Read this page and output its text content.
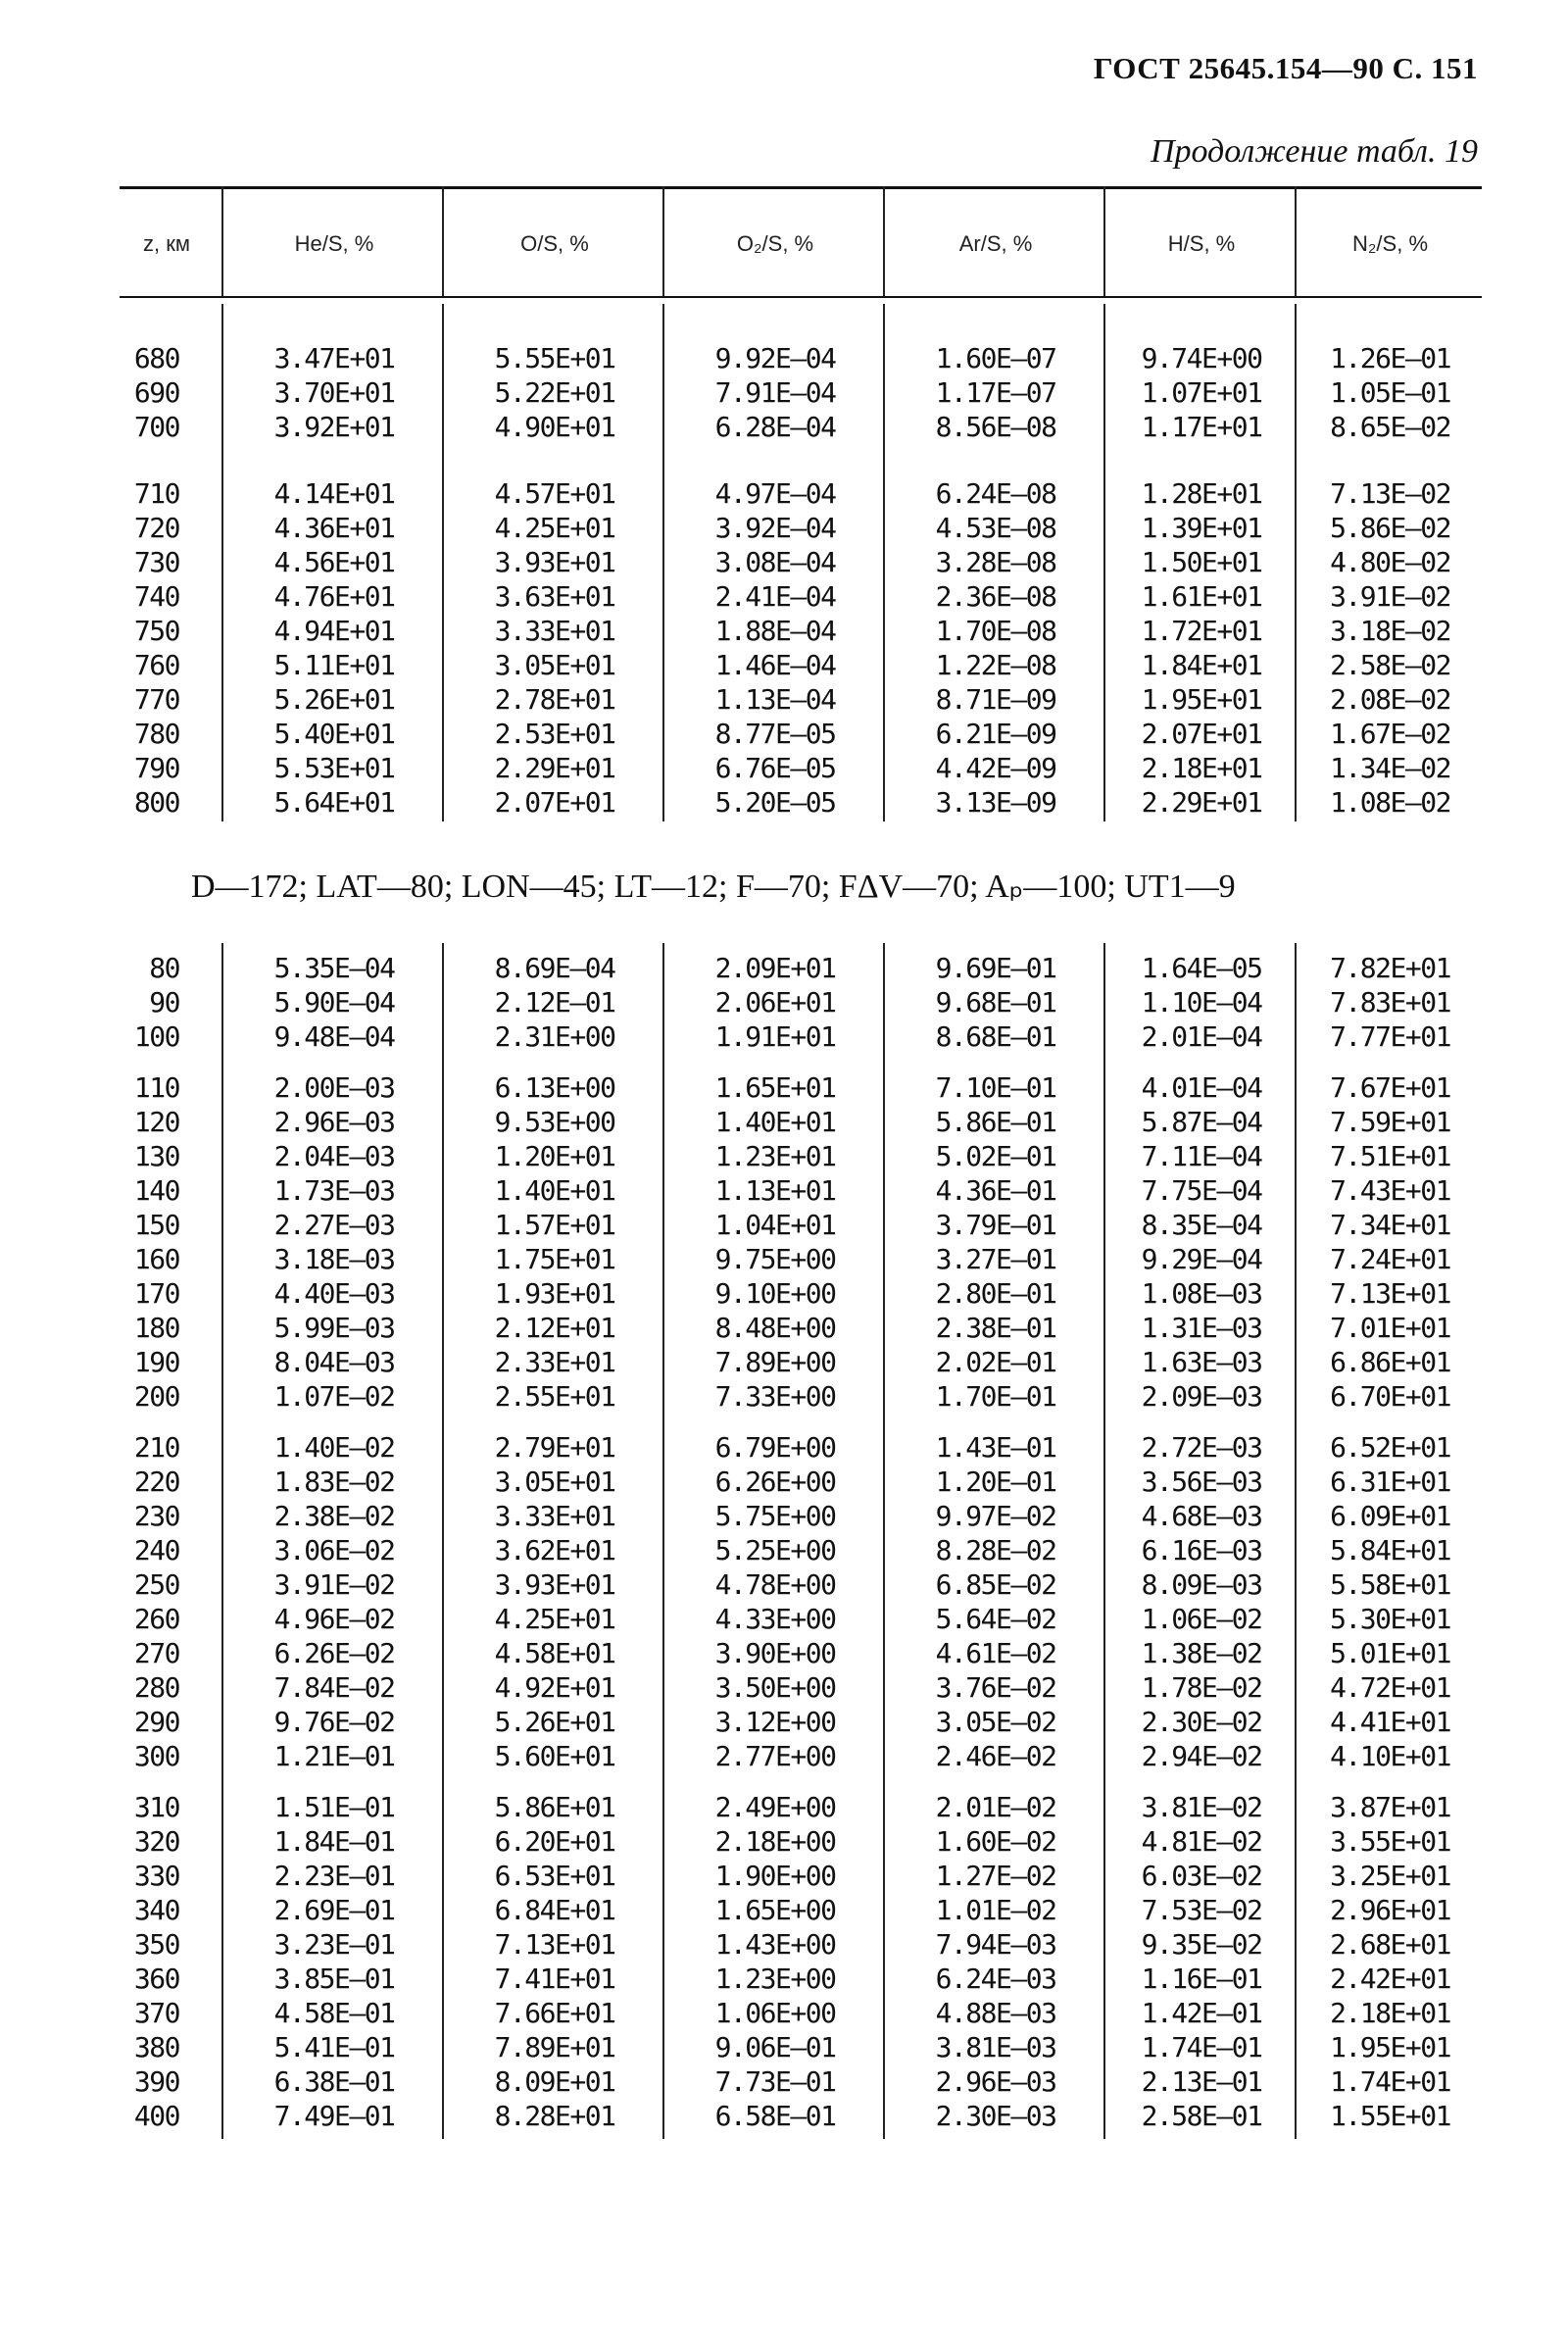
ГОСТ 25645.154—90 С. 151
Продолжение табл. 19
z, км	He/S, %	O/S, %	O₂/S, %	Ar/S, %	H/S, %	N₂/S, %
680	3.47E+01	5.55E+01	9.92E—04	1.60E—07	9.74E+00	1.26E—01
690	3.70E+01	5.22E+01	7.91E—04	1.17E—07	1.07E+01	1.05E—01
700	3.92E+01	4.90E+01	6.28E—04	8.56E—08	1.17E+01	8.65E—02
710	4.14E+01	4.57E+01	4.97E—04	6.24E—08	1.28E+01	7.13E—02
720	4.36E+01	4.25E+01	3.92E—04	4.53E—08	1.39E+01	5.86E—02
730	4.56E+01	3.93E+01	3.08E—04	3.28E—08	1.50E+01	4.80E—02
740	4.76E+01	3.63E+01	2.41E—04	2.36E—08	1.61E+01	3.91E—02
750	4.94E+01	3.33E+01	1.88E—04	1.70E—08	1.72E+01	3.18E—02
760	5.11E+01	3.05E+01	1.46E—04	1.22E—08	1.84E+01	2.58E—02
770	5.26E+01	2.78E+01	1.13E—04	8.71E—09	1.95E+01	2.08E—02
780	5.40E+01	2.53E+01	8.77E—05	6.21E—09	2.07E+01	1.67E—02
790	5.53E+01	2.29E+01	6.76E—05	4.42E—09	2.18E+01	1.34E—02
800	5.64E+01	2.07E+01	5.20E—05	3.13E—09	2.29E+01	1.08E—02
D—172; LAT—80; LON—45; LT—12; F—70; FΔV—70; Aₚ—100; UT1—9
80	5.35E—04	8.69E—04	2.09E+01	9.69E—01	1.64E—05	7.82E+01
90	5.90E—04	2.12E—01	2.06E+01	9.68E—01	1.10E—04	7.83E+01
100	9.48E—04	2.31E+00	1.91E+01	8.68E—01	2.01E—04	7.77E+01
110	2.00E—03	6.13E+00	1.65E+01	7.10E—01	4.01E—04	7.67E+01
120	2.96E—03	9.53E+00	1.40E+01	5.86E—01	5.87E—04	7.59E+01
130	2.04E—03	1.20E+01	1.23E+01	5.02E—01	7.11E—04	7.51E+01
140	1.73E—03	1.40E+01	1.13E+01	4.36E—01	7.75E—04	7.43E+01
150	2.27E—03	1.57E+01	1.04E+01	3.79E—01	8.35E—04	7.34E+01
160	3.18E—03	1.75E+01	9.75E+00	3.27E—01	9.29E—04	7.24E+01
170	4.40E—03	1.93E+01	9.10E+00	2.80E—01	1.08E—03	7.13E+01
180	5.99E—03	2.12E+01	8.48E+00	2.38E—01	1.31E—03	7.01E+01
190	8.04E—03	2.33E+01	7.89E+00	2.02E—01	1.63E—03	6.86E+01
200	1.07E—02	2.55E+01	7.33E+00	1.70E—01	2.09E—03	6.70E+01
210	1.40E—02	2.79E+01	6.79E+00	1.43E—01	2.72E—03	6.52E+01
220	1.83E—02	3.05E+01	6.26E+00	1.20E—01	3.56E—03	6.31E+01
230	2.38E—02	3.33E+01	5.75E+00	9.97E—02	4.68E—03	6.09E+01
240	3.06E—02	3.62E+01	5.25E+00	8.28E—02	6.16E—03	5.84E+01
250	3.91E—02	3.93E+01	4.78E+00	6.85E—02	8.09E—03	5.58E+01
260	4.96E—02	4.25E+01	4.33E+00	5.64E—02	1.06E—02	5.30E+01
270	6.26E—02	4.58E+01	3.90E+00	4.61E—02	1.38E—02	5.01E+01
280	7.84E—02	4.92E+01	3.50E+00	3.76E—02	1.78E—02	4.72E+01
290	9.76E—02	5.26E+01	3.12E+00	3.05E—02	2.30E—02	4.41E+01
300	1.21E—01	5.60E+01	2.77E+00	2.46E—02	2.94E—02	4.10E+01
310	1.51E—01	5.86E+01	2.49E+00	2.01E—02	3.81E—02	3.87E+01
320	1.84E—01	6.20E+01	2.18E+00	1.60E—02	4.81E—02	3.55E+01
330	2.23E—01	6.53E+01	1.90E+00	1.27E—02	6.03E—02	3.25E+01
340	2.69E—01	6.84E+01	1.65E+00	1.01E—02	7.53E—02	2.96E+01
350	3.23E—01	7.13E+01	1.43E+00	7.94E—03	9.35E—02	2.68E+01
360	3.85E—01	7.41E+01	1.23E+00	6.24E—03	1.16E—01	2.42E+01
370	4.58E—01	7.66E+01	1.06E+00	4.88E—03	1.42E—01	2.18E+01
380	5.41E—01	7.89E+01	9.06E—01	3.81E—03	1.74E—01	1.95E+01
390	6.38E—01	8.09E+01	7.73E—01	2.96E—03	2.13E—01	1.74E+01
400	7.49E—01	8.28E+01	6.58E—01	2.30E—03	2.58E—01	1.55E+01
